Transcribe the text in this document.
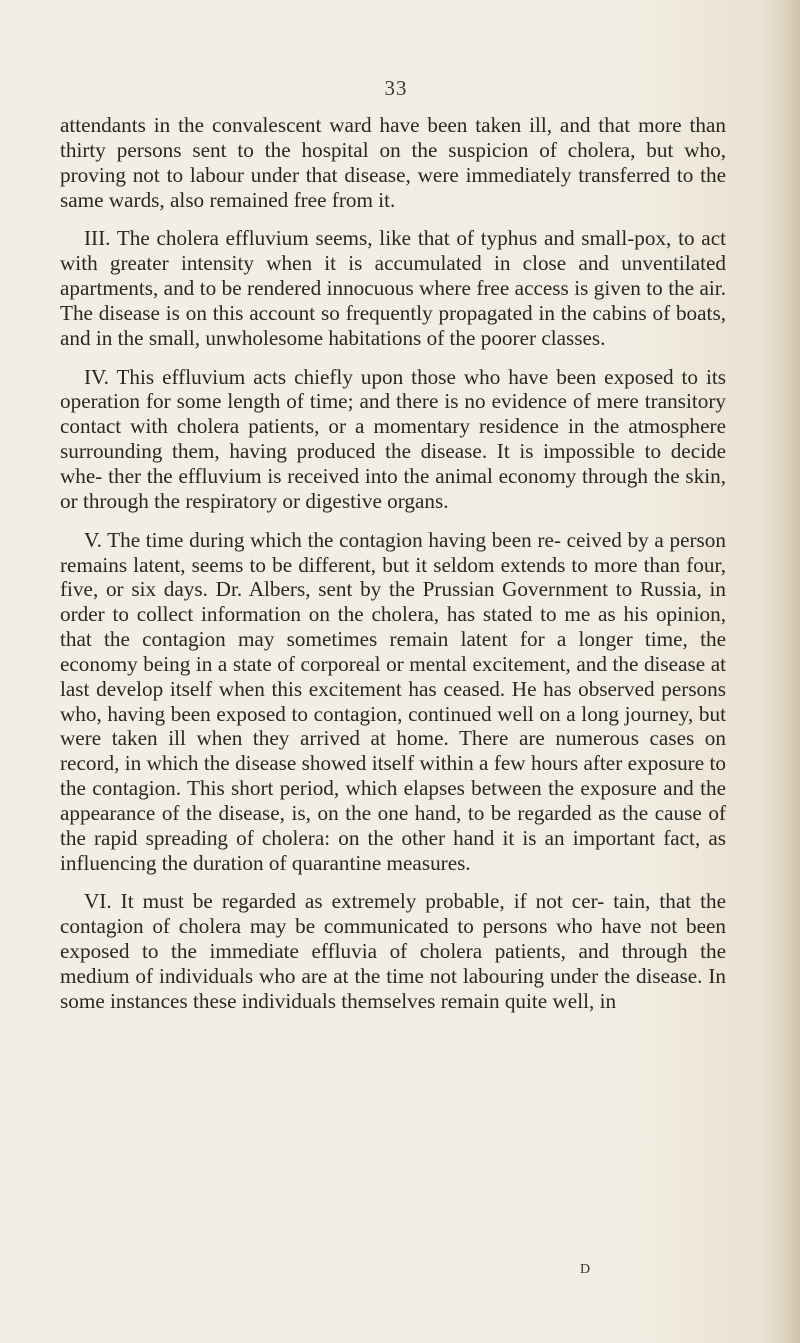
33

attendants in the convalescent ward have been taken ill, and that more than thirty persons sent to the hospital on the suspicion of cholera, but who, proving not to labour under that disease, were immediately transferred to the same wards, also remained free from it.

III. The cholera effluvium seems, like that of typhus and small-pox, to act with greater intensity when it is accumulated in close and unventilated apartments, and to be rendered innocuous where free access is given to the air. The disease is on this account so frequently propagated in the cabins of boats, and in the small, unwholesome habitations of the poorer classes.

IV. This effluvium acts chiefly upon those who have been exposed to its operation for some length of time; and there is no evidence of mere transitory contact with cholera patients, or a momentary residence in the atmosphere surrounding them, having produced the disease. It is impossible to decide whe- ther the effluvium is received into the animal economy through the skin, or through the respiratory or digestive organs.

V. The time during which the contagion having been re- ceived by a person remains latent, seems to be different, but it seldom extends to more than four, five, or six days. Dr. Albers, sent by the Prussian Government to Russia, in order to collect information on the cholera, has stated to me as his opinion, that the contagion may sometimes remain latent for a longer time, the economy being in a state of corporeal or mental excitement, and the disease at last develop itself when this excitement has ceased. He has observed persons who, having been exposed to contagion, continued well on a long journey, but were taken ill when they arrived at home. There are numerous cases on record, in which the disease showed itself within a few hours after exposure to the contagion. This short period, which elapses between the exposure and the appearance of the disease, is, on the one hand, to be regarded as the cause of the rapid spreading of cholera: on the other hand it is an important fact, as influencing the duration of quarantine measures.

VI. It must be regarded as extremely probable, if not cer- tain, that the contagion of cholera may be communicated to persons who have not been exposed to the immediate effluvia of cholera patients, and through the medium of individuals who are at the time not labouring under the disease. In some instances these individuals themselves remain quite well, in

D
